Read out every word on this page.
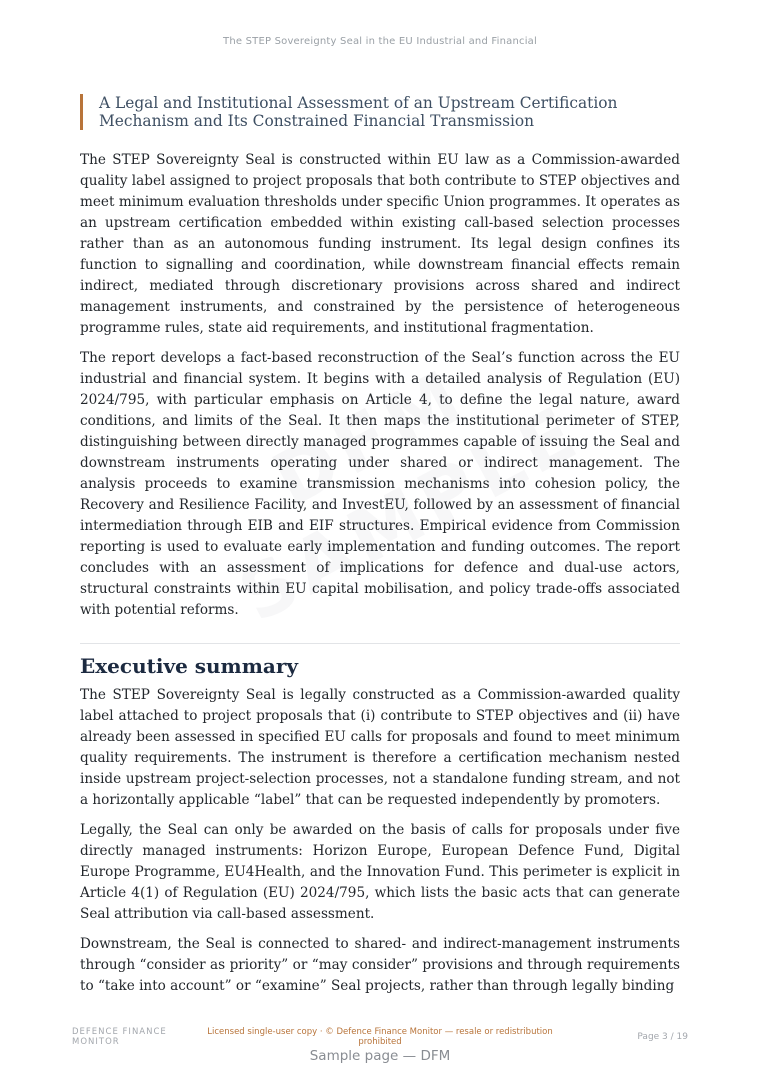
The STEP Sovereignty Seal in the EU Industrial and Financial
A Legal and Institutional Assessment of an Upstream Certification Mechanism and Its Constrained Financial Transmission

The STEP Sovereignty Seal is constructed within EU law as a Commission-awarded quality label assigned to project proposals that both contribute to STEP objectives and meet minimum evaluation thresholds under specific Union programmes. It operates as an upstream certification embedded within existing call-based selection processes rather than as an autonomous funding instrument. Its legal design confines its function to signalling and coordination, while downstream financial effects remain indirect, mediated through discretionary provisions across shared and indirect management instruments, and constrained by the persistence of heterogeneous programme rules, state aid requirements, and institutional fragmentation.

The report develops a fact-based reconstruction of the Seal’s function across the EU industrial and financial system. It begins with a detailed analysis of Regulation (EU) 2024/795, with particular emphasis on Article 4, to define the legal nature, award conditions, and limits of the Seal. It then maps the institutional perimeter of STEP, distinguishing between directly managed programmes capable of issuing the Seal and downstream instruments operating under shared or indirect management. The analysis proceeds to examine transmission mechanisms into cohesion policy, the Recovery and Resilience Facility, and InvestEU, followed by an assessment of financial intermediation through EIB and EIF structures. Empirical evidence from Commission reporting is used to evaluate early implementation and funding outcomes. The report concludes with an assessment of implications for defence and dual-use actors, structural constraints within EU capital mobilisation, and policy trade-offs associated with potential reforms.

Executive summary

The STEP Sovereignty Seal is legally constructed as a Commission-awarded quality label attached to project proposals that (i) contribute to STEP objectives and (ii) have already been assessed in specified EU calls for proposals and found to meet minimum quality requirements. The instrument is therefore a certification mechanism nested inside upstream project-selection processes, not a standalone funding stream, and not a horizontally applicable “label” that can be requested independently by promoters.

Legally, the Seal can only be awarded on the basis of calls for proposals under five directly managed instruments: Horizon Europe, European Defence Fund, Digital Europe Programme, EU4Health, and the Innovation Fund. This perimeter is explicit in Article 4(1) of Regulation (EU) 2024/795, which lists the basic acts that can generate Seal attribution via call-based assessment.

Downstream, the Seal is connected to shared- and indirect-management instruments through “consider as priority” or “may consider” provisions and through requirements to “take into account” or “examine” Seal projects, rather than through legally binding

DEFENCE FINANCE MONITOR
Licensed single-user copy · © Defence Finance Monitor — resale or redistribution prohibited	Page 3 / 19
Sample page — DFM
